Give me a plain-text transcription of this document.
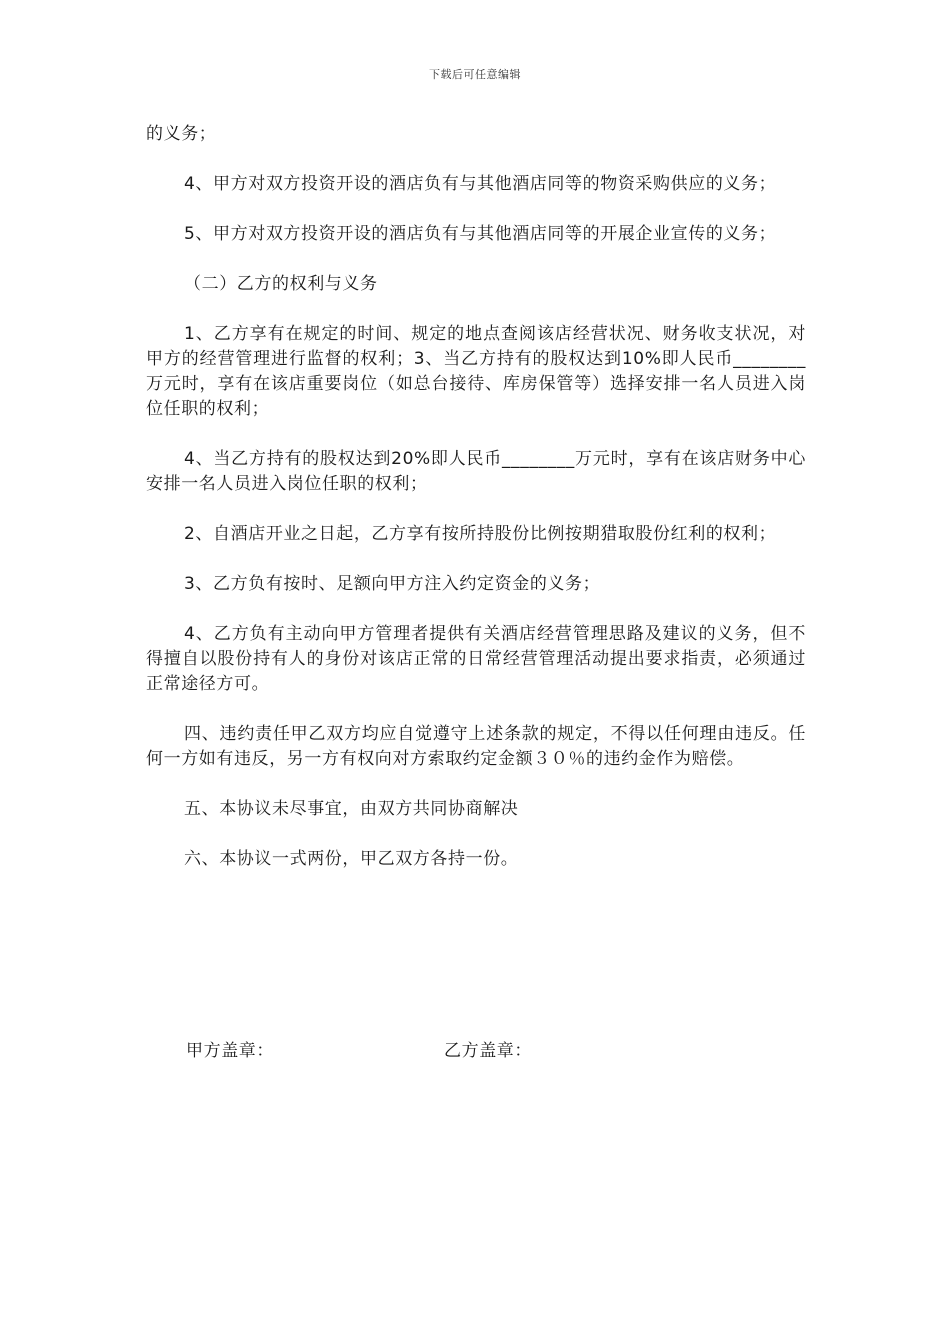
下载后可任意编辑

的义务；

4、甲方对双方投资开设的酒店负有与其他酒店同等的物资采购供应的义务；

5、甲方对双方投资开设的酒店负有与其他酒店同等的开展企业宣传的义务；

（二）乙方的权利与义务

1、乙方享有在规定的时间、规定的地点查阅该店经营状况、财务收支状况，对甲方的经营管理进行监督的权利；3、当乙方持有的股权达到10%即人民币________万元时，享有在该店重要岗位（如总台接待、库房保管等）选择安排一名人员进入岗位任职的权利；

4、当乙方持有的股权达到20%即人民币________万元时，享有在该店财务中心安排一名人员进入岗位任职的权利；

2、自酒店开业之日起，乙方享有按所持股份比例按期猎取股份红利的权利；

3、乙方负有按时、足额向甲方注入约定资金的义务；

4、乙方负有主动向甲方管理者提供有关酒店经营管理思路及建议的义务，但不得擅自以股份持有人的身份对该店正常的日常经营管理活动提出要求指责，必须通过正常途径方可。

四、违约责任甲乙双方均应自觉遵守上述条款的规定，不得以任何理由违反。任何一方如有违反，另一方有权向对方索取约定金额３０％的违约金作为赔偿。

五、本协议未尽事宜，由双方共同协商解决

六、本协议一式两份，甲乙双方各持一份。

甲方盖章：	乙方盖章：
